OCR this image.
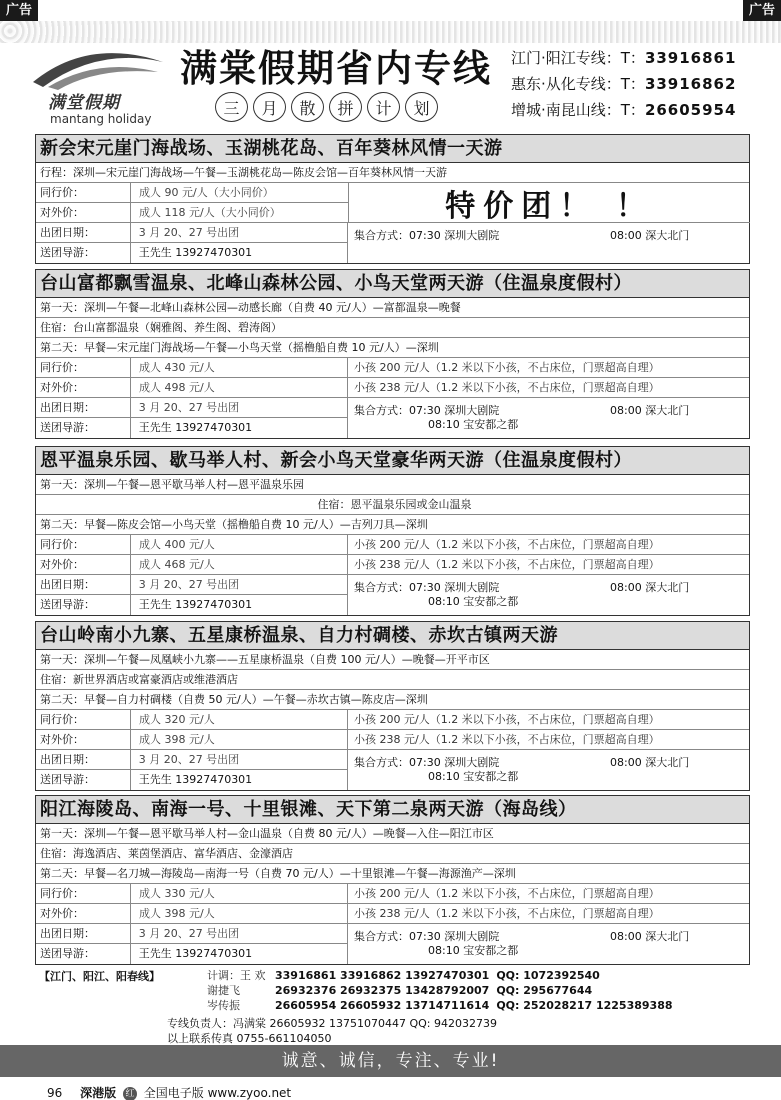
满堂假期
mantang holiday
满棠假期省内专线
三	月	散	拼	计	划
江门·阳江专线：T：33916861
惠东·从化专线：T：33916862
增城·南昆山线：T：26605954
广告	广告
新会宋元崖门海战场、玉湖桃花岛、百年葵林风情一天游
行程：深圳—宋元崖门海战场—午餐—玉湖桃花岛—陈皮会馆—百年葵林风情一天游
同行价：	成人 90 元/人（大小同价）
对外价：	成人 118 元/人（大小同价）	特价团！ ！
出团日期：	3 月 20、27 号出团
送团导游：	王先生 13927470301
集合方式：07:30 深圳大剧院	08:00 深大北门
台山富都飘雪温泉、北峰山森林公园、小鸟天堂两天游（住温泉度假村）
第一天：深圳—午餐—北峰山森林公园—动感长廊（自费 40 元/人）—富都温泉—晚餐
住宿：台山富都温泉（娴雅阁、养生阁、碧涛阁）
第二天：早餐—宋元崖门海战场—午餐—小鸟天堂（摇橹船自费 10 元/人）—深圳
同行价：	成人 430 元/人	小孩 200 元/人（1.2 米以下小孩，不占床位，门票超高自理）
对外价：	成人 498 元/人	小孩 238 元/人（1.2 米以下小孩，不占床位，门票超高自理）
出团日期：	3 月 20、27 号出团
送团导游：	王先生 13927470301
集合方式：07:30 深圳大剧院	08:00 深大北门
08:10 宝安都之都
恩平温泉乐园、歇马举人村、新会小鸟天堂豪华两天游（住温泉度假村）
第一天：深圳—午餐—恩平歇马举人村—恩平温泉乐园
住宿：恩平温泉乐园或金山温泉
第二天：早餐—陈皮会馆—小鸟天堂（摇橹船自费 10 元/人）—吉列刀具—深圳
同行价：	成人 400 元/人	小孩 200 元/人（1.2 米以下小孩，不占床位，门票超高自理）
对外价：	成人 468 元/人	小孩 238 元/人（1.2 米以下小孩，不占床位，门票超高自理）
出团日期：	3 月 20、27 号出团
送团导游：	王先生 13927470301
集合方式：07:30 深圳大剧院	08:00 深大北门
08:10 宝安都之都
台山岭南小九寨、五星康桥温泉、自力村碉楼、赤坎古镇两天游
第一天：深圳—午餐—凤凰峡小九寨——五星康桥温泉（自费 100 元/人）—晚餐—开平市区
住宿：新世界酒店或富豪酒店或维港酒店
第二天：早餐—自力村碉楼（自费 50 元/人）—午餐—赤坎古镇—陈皮店—深圳
同行价：	成人 320 元/人	小孩 200 元/人（1.2 米以下小孩，不占床位，门票超高自理）
对外价：	成人 398 元/人	小孩 238 元/人（1.2 米以下小孩，不占床位，门票超高自理）
出团日期：	3 月 20、27 号出团
送团导游：	王先生 13927470301
集合方式：07:30 深圳大剧院	08:00 深大北门
08:10 宝安都之都
阳江海陵岛、南海一号、十里银滩、天下第二泉两天游（海岛线）
第一天：深圳—午餐—恩平歇马举人村—金山温泉（自费 80 元/人）—晚餐—入住—阳江市区
住宿：海逸酒店、莱茵堡酒店、富华酒店、金濠酒店
第二天：早餐—名刀城—海陵岛—南海一号（自费 70 元/人）—十里银滩—午餐—海源渔产—深圳
同行价：	成人 330 元/人	小孩 200 元/人（1.2 米以下小孩，不占床位，门票超高自理）
对外价：	成人 398 元/人	小孩 238 元/人（1.2 米以下小孩，不占床位，门票超高自理）
出团日期：	3 月 20、27 号出团
送团导游：	王先生 13927470301
集合方式：07:30 深圳大剧院	08:00 深大北门
08:10 宝安都之都
【江门、阳江、阳春线】	计调：王 欢 33916861 33916862 13927470301 QQ: 1072392540
谢捷飞	26932376 26932375 13428792007 QQ: 295677644
岑传振	26605954 26605932 13714711614 QQ: 252028217 1225389388
专线负责人：冯满棠 26605932 13751070447 QQ: 942032739
以上联系传真 0755-661104050
诚意、诚信，专注、专业!
96 深港版 红 全国电子版 www.zyoo.net
